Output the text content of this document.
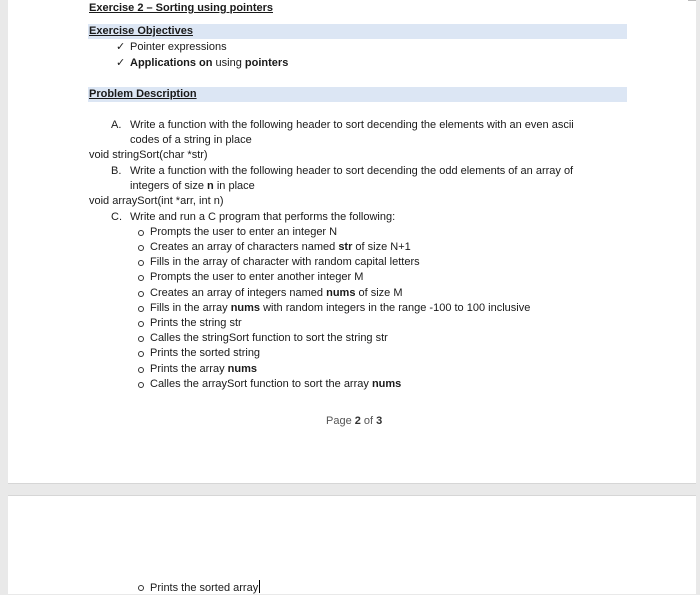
Exercise 2 – Sorting using pointers
Exercise Objectives
✓ Pointer expressions
✓ Applications on using pointers
Problem Description
A. Write a function with the following header to sort decending the elements with an even ascii
codes of a string in place
void stringSort(char *str)
B. Write a function with the following header to sort decending the odd elements of an array of
integers of size n in place
void arraySort(int *arr, int n)
C. Write and run a C program that performs the following:
Prompts the user to enter an integer N
Creates an array of characters named str of size N+1
Fills in the array of character with random capital letters
Prompts the user to enter another integer M
Creates an array of integers named nums of size M
Fills in the array nums with random integers in the range -100 to 100 inclusive
Prints the string str
Calles the stringSort function to sort the string str
Prints the sorted string
Prints the array nums
Calles the arraySort function to sort the array nums
Page 2 of 3
Prints the sorted array
